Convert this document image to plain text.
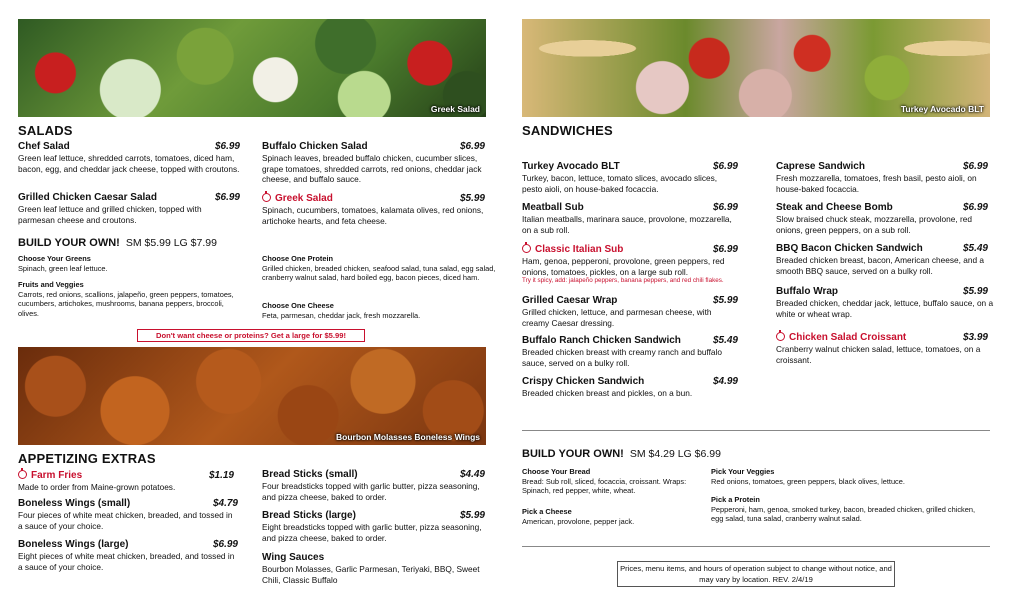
Greek Salad	Turkey Avocado BLT
Bourbon Molasses Boneless Wings
SALADS
Chef Salad	$6.99
Green leaf lettuce, shredded carrots, tomatoes, diced ham, bacon, egg, and cheddar jack cheese, topped with croutons.
Grilled Chicken Caesar Salad	$6.99
Green leaf lettuce and grilled chicken, topped with parmesan cheese and croutons.
Buffalo Chicken Salad	$6.99
Spinach leaves, breaded buffalo chicken, cucumber slices, grape tomatoes, shredded carrots, red onions, cheddar jack cheese, and buffalo sauce.
Greek Salad	$5.99
Spinach, cucumbers, tomatoes, kalamata olives, red onions, artichoke hearts, and feta cheese.
BUILD YOUR OWN! SM $5.99 LG $7.99
Choose Your Greens
Spinach, green leaf lettuce.
Fruits and Veggies
Carrots, red onions, scallions, jalapeño, green peppers, tomatoes, cucumbers, artichokes, mushrooms, banana peppers, broccoli, olives.
Choose One Protein
Grilled chicken, breaded chicken, seafood salad, tuna salad, egg salad, cranberry walnut salad, hard boiled egg, bacon pieces, diced ham.
Choose One Cheese
Feta, parmesan, cheddar jack, fresh mozzarella.
Don't want cheese or proteins? Get a large for $5.99!
APPETIZING EXTRAS
Farm Fries	$1.19
Made to order from Maine-grown potatoes.
Boneless Wings (small)	$4.79
Four pieces of white meat chicken, breaded, and tossed in a sauce of your choice.
Boneless Wings (large)	$6.99
Eight pieces of white meat chicken, breaded, and tossed in a sauce of your choice.
Bread Sticks (small)	$4.49
Four breadsticks topped with garlic butter, pizza seasoning, and pizza cheese, baked to order.
Bread Sticks (large)	$5.99
Eight breadsticks topped with garlic butter, pizza seasoning, and pizza cheese, baked to order.
Wing Sauces
Bourbon Molasses, Garlic Parmesan, Teriyaki, BBQ, Sweet Chili, Classic Buffalo
SANDWICHES
Turkey Avocado BLT	$6.99
Turkey, bacon, lettuce, tomato slices, avocado slices, pesto aioli, on house-baked focaccia.
Meatball Sub	$6.99
Italian meatballs, marinara sauce, provolone, mozzarella, on a sub roll.
Classic Italian Sub	$6.99
Ham, genoa, pepperoni, provolone, green peppers, red onions, tomatoes, pickles, on a large sub roll.
Try it spicy, add: jalapeño peppers, banana peppers, and red chili flakes.
Grilled Caesar Wrap	$5.99
Grilled chicken, lettuce, and parmesan cheese, with creamy Caesar dressing.
Buffalo Ranch Chicken Sandwich	$5.49
Breaded chicken breast with creamy ranch and buffalo sauce, served on a bulky roll.
Crispy Chicken Sandwich	$4.99
Breaded chicken breast and pickles, on a bun.
Caprese Sandwich	$6.99
Fresh mozzarella, tomatoes, fresh basil, pesto aioli, on house-baked focaccia.
Steak and Cheese Bomb	$6.99
Slow braised chuck steak, mozzarella, provolone, red onions, green peppers, on a sub roll.
BBQ Bacon Chicken Sandwich	$5.49
Breaded chicken breast, bacon, American cheese, and a smooth BBQ sauce, served on a bulky roll.
Buffalo Wrap	$5.99
Breaded chicken, cheddar jack, lettuce, buffalo sauce, on a white or wheat wrap.
Chicken Salad Croissant	$3.99
Cranberry walnut chicken salad, lettuce, tomatoes, on a croissant.
BUILD YOUR OWN! SM $4.29 LG $6.99
Choose Your Bread
Bread: Sub roll, sliced, focaccia, croissant. Wraps: Spinach, red pepper, white, wheat.
Pick a Cheese
American, provolone, pepper jack.
Pick Your Veggies
Red onions, tomatoes, green peppers, black olives, lettuce.
Pick a Protein
Pepperoni, ham, genoa, smoked turkey, bacon, breaded chicken, grilled chicken, egg salad, tuna salad, cranberry walnut salad.
Prices, menu items, and hours of operation subject to change without notice, and may vary by location. REV. 2/4/19
